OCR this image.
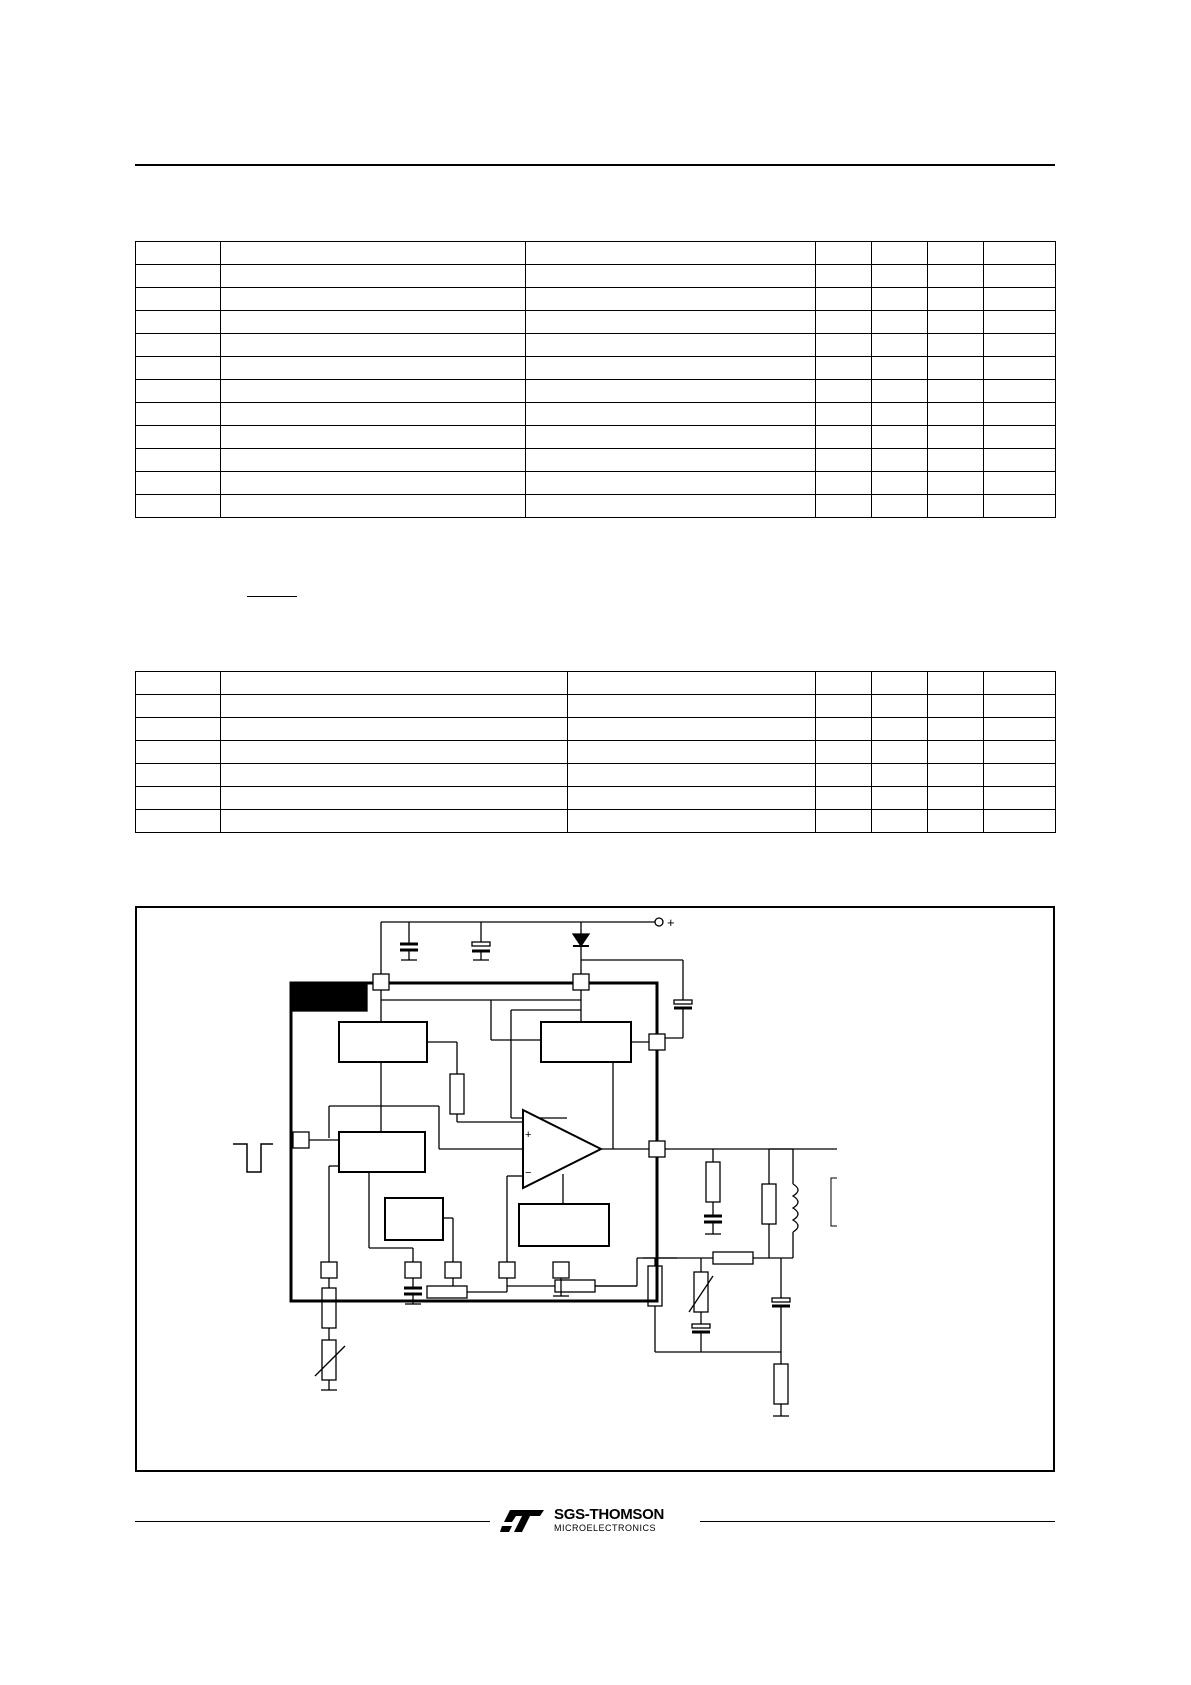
+
+
−
SGS-THOMSON
MICROELECTRONICS
